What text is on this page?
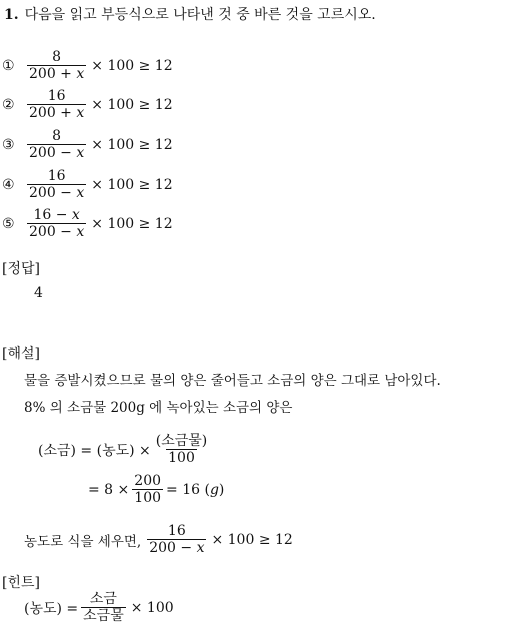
1. 다음을 읽고 부등식으로 나타낸 것 중 바른 것을 고르시오.
① $\frac{8}{200 + x} \times 100 \ge 12$
② $\frac{16}{200 + x} \times 100 \ge 12$
③ $\frac{8}{200 - x} \times 100 \ge 12$
④ $\frac{16}{200 - x} \times 100 \ge 12$
⑤ $\frac{16 - x}{200 - x} \times 100 \ge 12$
[정답]
4
[해설]
물을 증발시켰으므로 물의 양은 줄어들고 소금의 양은 그대로 남아있다.
8% 의 소금물 200g 에 녹아있는 소금의 양은
(소금) = (농도) × $\frac{\text{(소금물)}}{100}$
= $8 \times \frac{200}{100} = 16$ (g)
농도로 식을 세우면, $\frac{16}{200 - x} \times 100 \ge 12$
[힌트]
(농도) = $\frac{\text{소금}}{\text{소금물}} \times 100$
